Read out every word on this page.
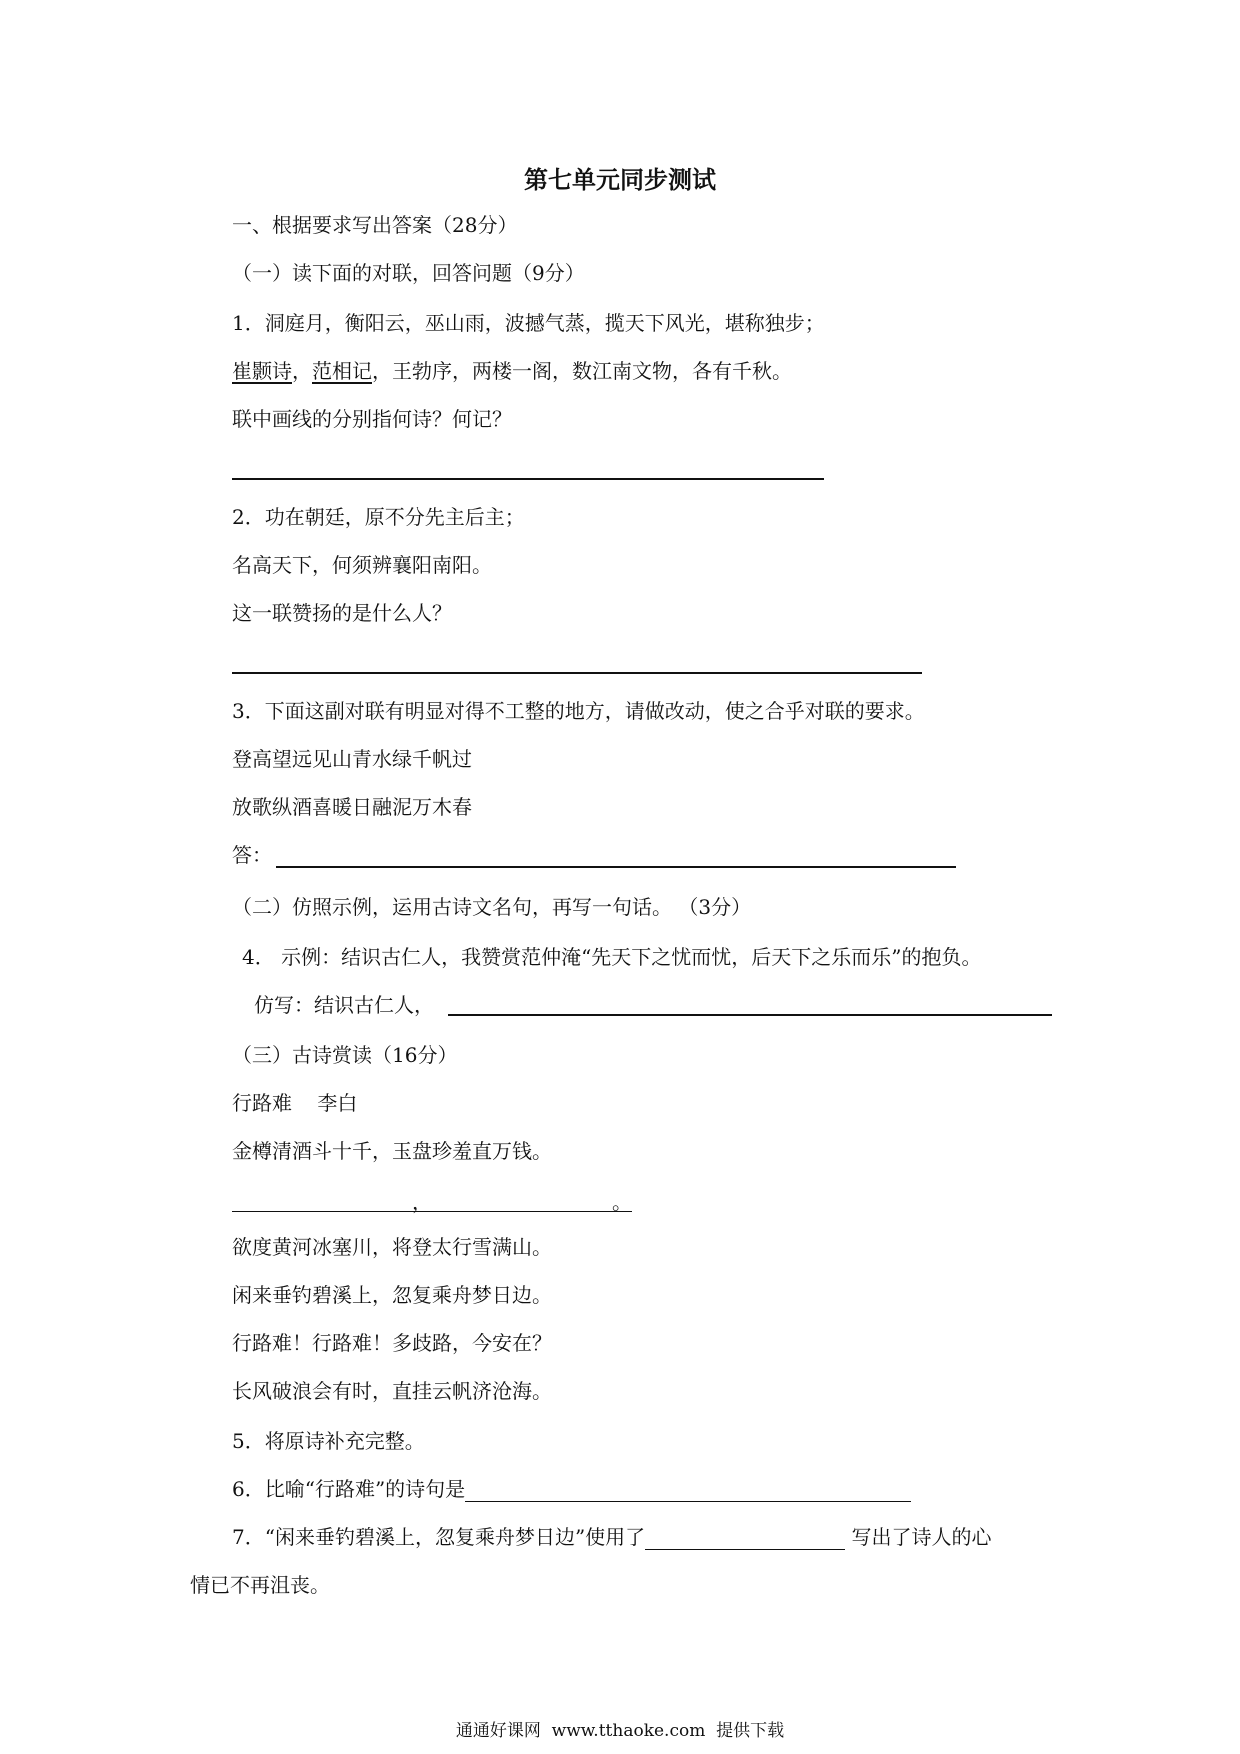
第七单元同步测试
一、根据要求写出答案（28分）
（一）读下面的对联，回答问题（9分）
1．洞庭月，衡阳云，巫山雨，波撼气蒸，揽天下风光，堪称独步；
崔颢诗，范相记，王勃序，两楼一阁，数江南文物，各有千秋。
联中画线的分别指何诗？何记？
2．功在朝廷，原不分先主后主；
名高天下，何须辨襄阳南阳。
这一联赞扬的是什么人？
3．下面这副对联有明显对得不工整的地方，请做改动，使之合乎对联的要求。
登高望远见山青水绿千帆过
放歌纵酒喜暖日融泥万木春
答：
（二）仿照示例，运用古诗文名句，再写一句话。 （3分）
4． 示例：结识古仁人，我赞赏范仲淹“先天下之忧而忧，后天下之乐而乐”的抱负。
仿写：结识古仁人，
（三）古诗赏读（16分）
行路难    李白
金樽清酒斗十千，玉盘珍羞直万钱。
，	。
欲度黄河冰塞川，将登太行雪满山。
闲来垂钓碧溪上，忽复乘舟梦日边。
行路难！行路难！多歧路，今安在？
长风破浪会有时，直挂云帆济沧海。
5．将原诗补充完整。
6．比喻“行路难”的诗句是
7．“闲来垂钓碧溪上，忽复乘舟梦日边”使用了	写出了诗人的心
情已不再沮丧。
通通好课网  www.tthaoke.com  提供下载
